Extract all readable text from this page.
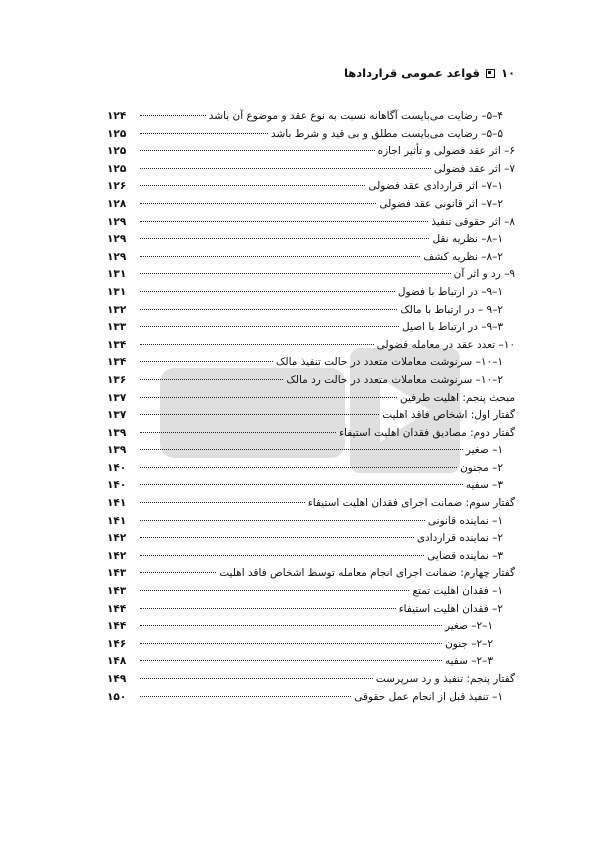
۱۰
قواعد عمومی قراردادها
۴–۵– رضایت می‌بایست آگاهانه نسبت به نوع عقد و موضوع آن باشد
۱۲۴
۵–۵– رضایت می‌بایست مطلق و بی قید و شرط باشد
۱۲۵
۶– اثر عقد فضولی و تأثیر اجازه
۱۲۵
۷– اثر عقد فضولی
۱۲۵
۱–۷– اثر قراردادی عقد فضولی
۱۲۶
۲–۷– اثر قانونی عقد فضولی
۱۲۸
۸– اثر حقوقی تنفیذ
۱۲۹
۱–۸– نظریه نقل
۱۲۹
۲–۸– نظریه کشف
۱۲۹
۹– رد و اثر آن
۱۳۱
۱–۹– در ارتباط با فضول
۱۳۱
۲–۹ – در ارتباط با مالک
۱۳۲
۳–۹– در ارتباط با اصیل
۱۳۳
۱۰– تعدد عقد در معامله فضولی
۱۳۴
۱–۱۰– سرنوشت معاملات متعدد در حالت تنفیذ مالک
۱۳۴
۲–۱۰– سرنوشت معاملات متعدد در حالت رد مالک
۱۳۶
مبحث پنجم: اهلیت طرفین
۱۳۷
گفتار اول: اشخاص فاقد اهلیت
۱۳۷
گفتار دوم: مصادیق فقدان اهلیت استیفاء
۱۳۹
۱– صغیر
۱۳۹
۲– مجنون
۱۴۰
۳– سفیه
۱۴۰
گفتار سوم: ضمانت اجرای فقدان اهلیت استیفاء
۱۴۱
۱– نماینده قانونی
۱۴۱
۲– نماینده قراردادی
۱۴۲
۳– نماینده قضایی
۱۴۲
گفتار چهارم: ضمانت اجرای انجام معامله توسط اشخاص فاقد اهلیت
۱۴۳
۱– فقدان اهلیت تمتع
۱۴۳
۲– فقدان اهلیت استیفاء
۱۴۴
۱–۲– صغیر
۱۴۴
۲–۲– جنون
۱۴۶
۳–۲– سفیه
۱۴۸
گفتار پنجم: تنفیذ و رد سرپرست
۱۴۹
۱– تنفیذ قبل از انجام عمل حقوقی
۱۵۰
